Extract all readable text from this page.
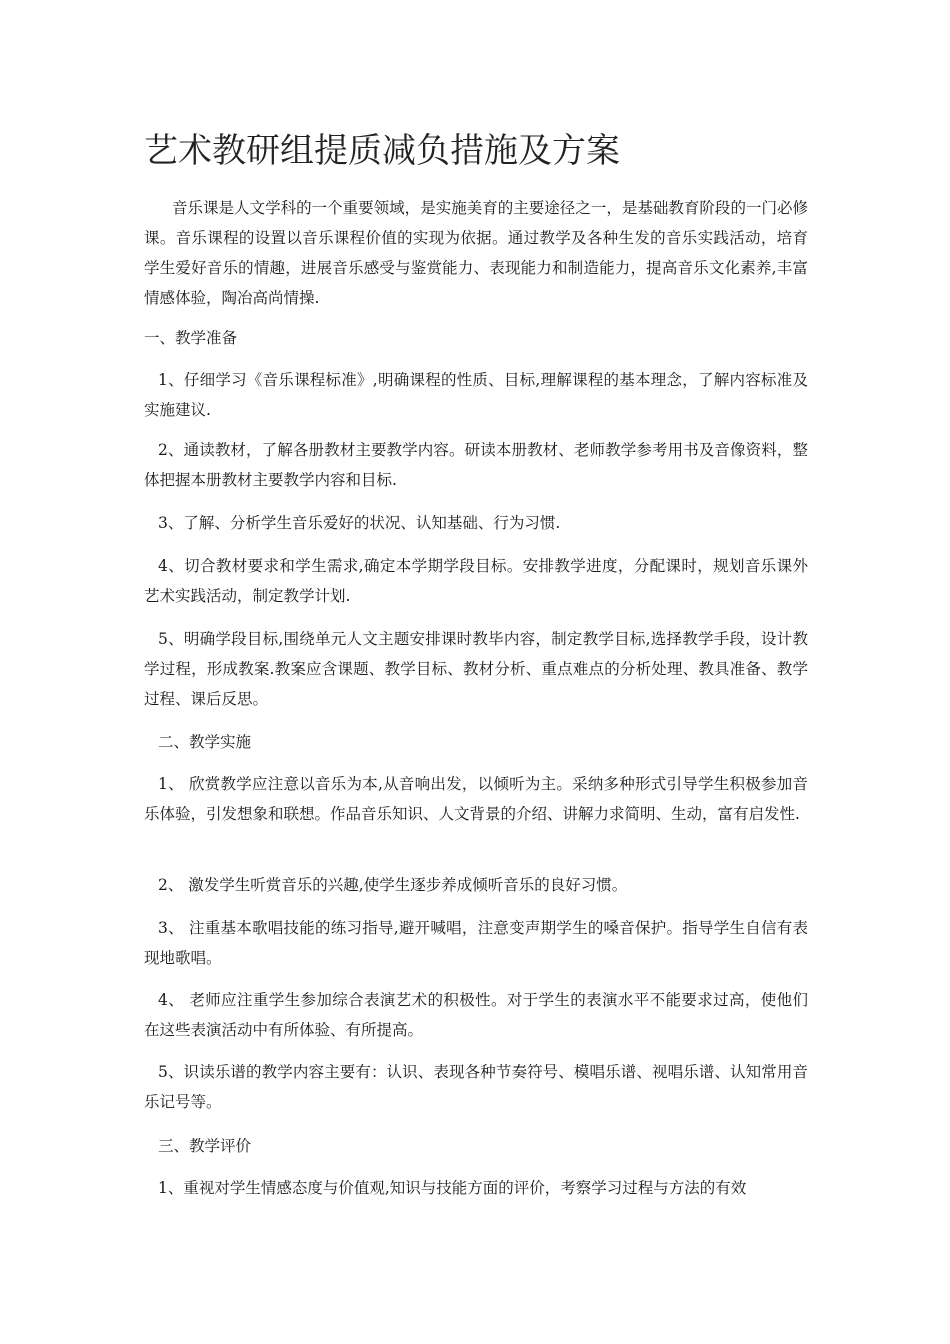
艺术教研组提质减负措施及方案
音乐课是人文学科的一个重要领域，是实施美育的主要途径之一，是基础教育阶段的一门必修课。音乐课程的设置以音乐课程价值的实现为依据。通过教学及各种生发的音乐实践活动，培育学生爱好音乐的情趣，进展音乐感受与鉴赏能力、表现能力和制造能力，提高音乐文化素养,丰富情感体验，陶冶高尚情操.
一、教学准备
1、仔细学习《音乐课程标准》,明确课程的性质、目标,理解课程的基本理念，了解内容标准及实施建议.
2、通读教材，了解各册教材主要教学内容。研读本册教材、老师教学参考用书及音像资料，整体把握本册教材主要教学内容和目标.
3、了解、分析学生音乐爱好的状况、认知基础、行为习惯.
4、切合教材要求和学生需求,确定本学期学段目标。安排教学进度，分配课时，规划音乐课外艺术实践活动，制定教学计划.
5、明确学段目标,围绕单元人文主题安排课时教毕内容，制定教学目标,选择教学手段，设计教学过程，形成教案.教案应含课题、教学目标、教材分析、重点难点的分析处理、教具准备、教学过程、课后反思。
二、教学实施
1、 欣赏教学应注意以音乐为本,从音响出发，以倾听为主。采纳多种形式引导学生积极参加音乐体验，引发想象和联想。作品音乐知识、人文背景的介绍、讲解力求简明、生动，富有启发性.
2、 激发学生听赏音乐的兴趣,使学生逐步养成倾听音乐的良好习惯。
3、 注重基本歌唱技能的练习指导,避开喊唱，注意变声期学生的嗓音保护。指导学生自信有表现地歌唱。
4、 老师应注重学生参加综合表演艺术的积极性。对于学生的表演水平不能要求过高，使他们在这些表演活动中有所体验、有所提高。
5、识读乐谱的教学内容主要有：认识、表现各种节奏符号、模唱乐谱、视唱乐谱、认知常用音乐记号等。
三、教学评价
1、重视对学生情感态度与价值观,知识与技能方面的评价，考察学习过程与方法的有效
